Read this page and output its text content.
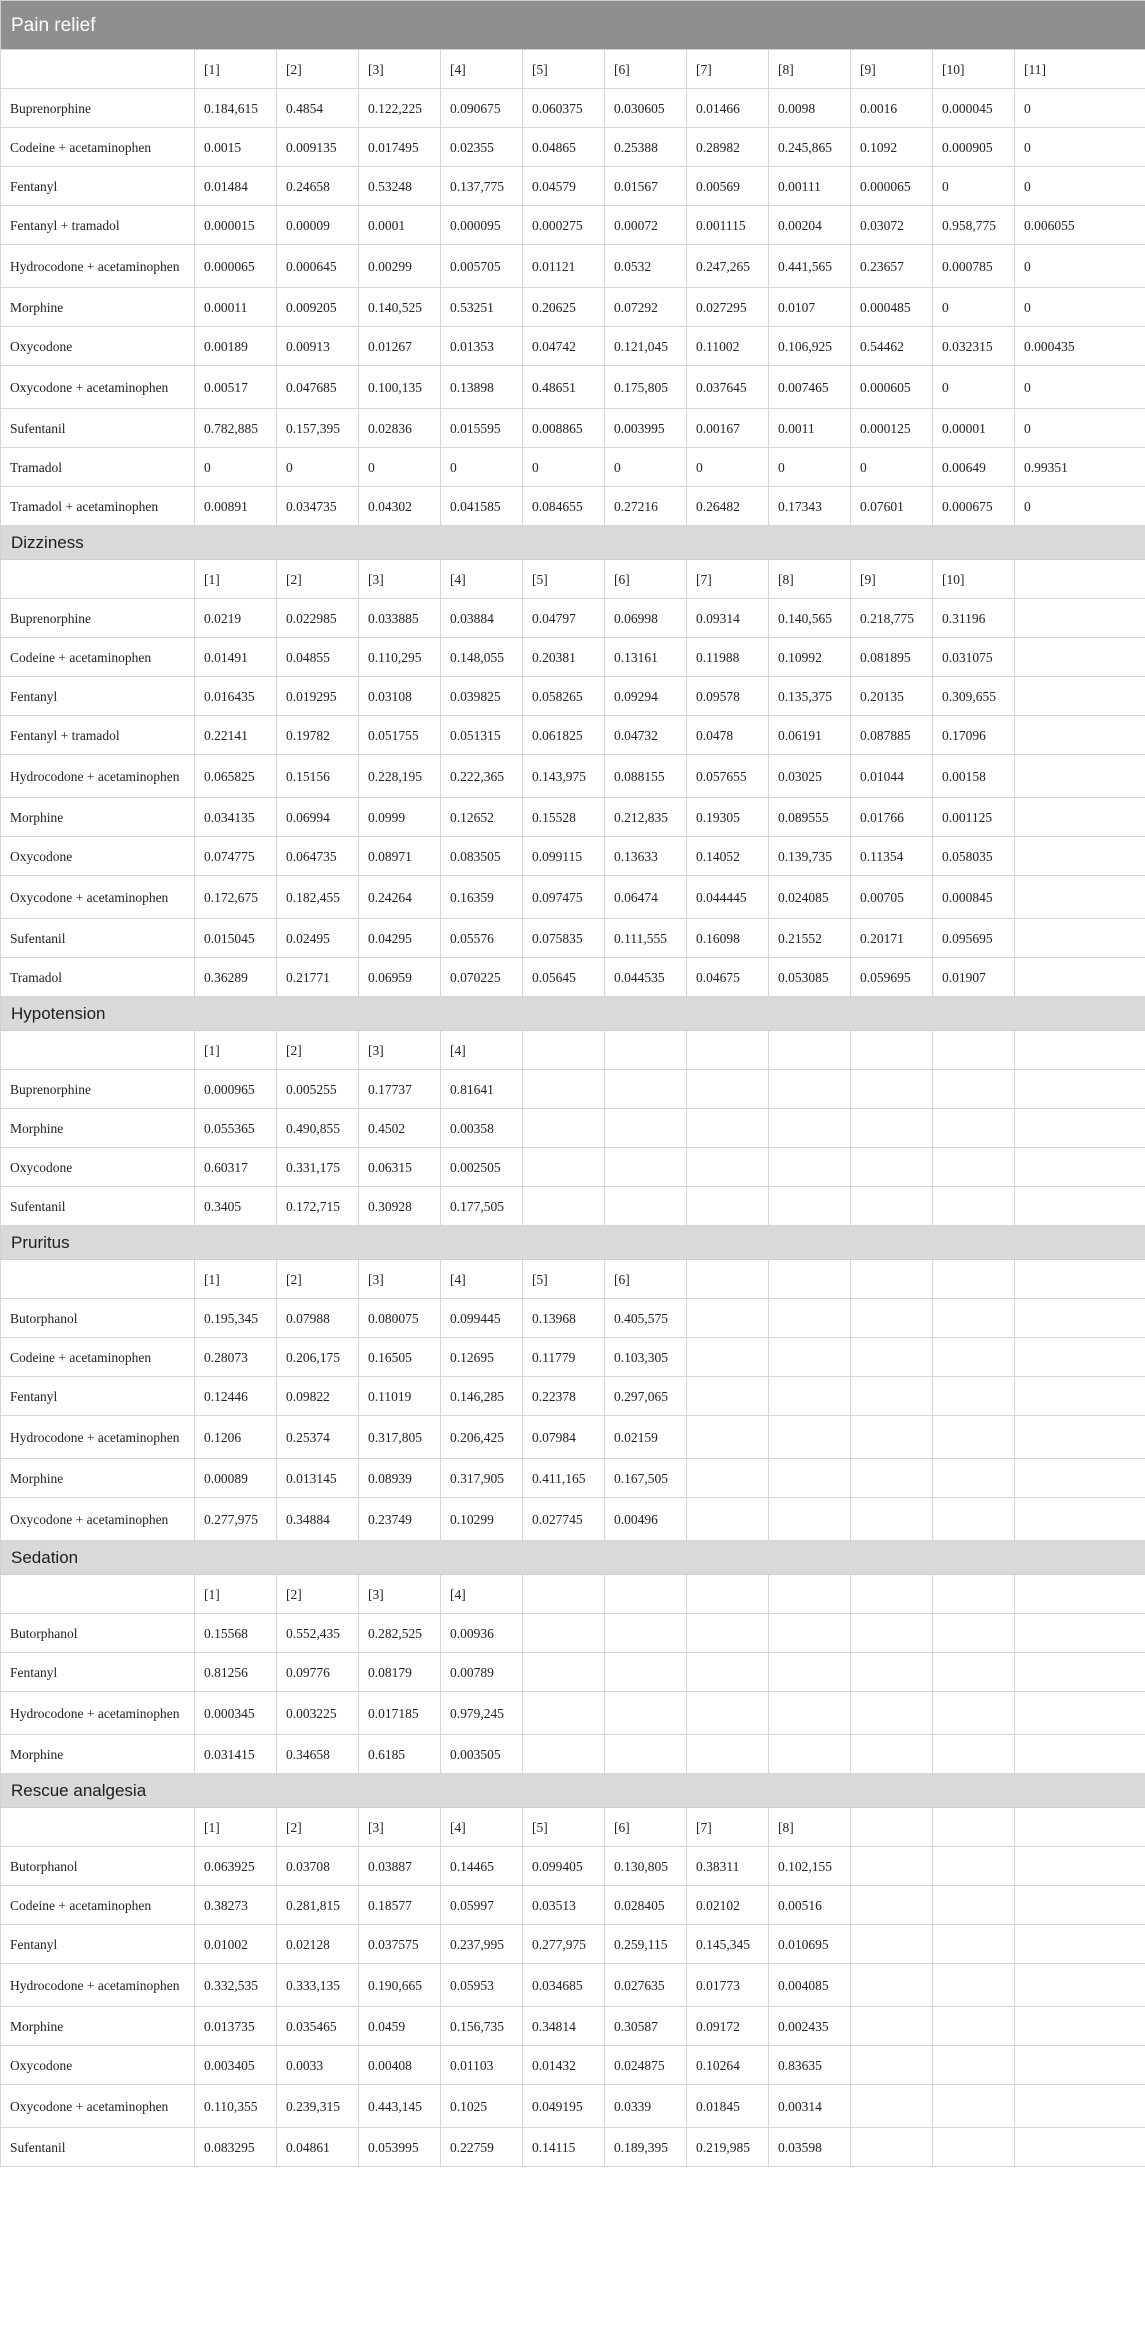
Pain relief											
	[1]	[2]	[3]	[4]	[5]	[6]	[7]	[8]	[9]	[10]	[11]
Buprenorphine	0.184,615	0.4854	0.122,225	0.090675	0.060375	0.030605	0.01466	0.0098	0.0016	0.000045	0
Codeine + acetaminophen	0.0015	0.009135	0.017495	0.02355	0.04865	0.25388	0.28982	0.245,865	0.1092	0.000905	0
Fentanyl	0.01484	0.24658	0.53248	0.137,775	0.04579	0.01567	0.00569	0.00111	0.000065	0	0
Fentanyl + tramadol	0.000015	0.00009	0.0001	0.000095	0.000275	0.00072	0.001115	0.00204	0.03072	0.958,775	0.006055
Hydrocodone + acetaminophen	0.000065	0.000645	0.00299	0.005705	0.01121	0.0532	0.247,265	0.441,565	0.23657	0.000785	0
Morphine	0.00011	0.009205	0.140,525	0.53251	0.20625	0.07292	0.027295	0.0107	0.000485	0	0
Oxycodone	0.00189	0.00913	0.01267	0.01353	0.04742	0.121,045	0.11002	0.106,925	0.54462	0.032315	0.000435
Oxycodone + acetaminophen	0.00517	0.047685	0.100,135	0.13898	0.48651	0.175,805	0.037645	0.007465	0.000605	0	0
Sufentanil	0.782,885	0.157,395	0.02836	0.015595	0.008865	0.003995	0.00167	0.0011	0.000125	0.00001	0
Tramadol	0	0	0	0	0	0	0	0	0	0.00649	0.99351
Tramadol + acetaminophen	0.00891	0.034735	0.04302	0.041585	0.084655	0.27216	0.26482	0.17343	0.07601	0.000675	0
Dizziness											
	[1]	[2]	[3]	[4]	[5]	[6]	[7]	[8]	[9]	[10]	
Buprenorphine	0.0219	0.022985	0.033885	0.03884	0.04797	0.06998	0.09314	0.140,565	0.218,775	0.31196	
Codeine + acetaminophen	0.01491	0.04855	0.110,295	0.148,055	0.20381	0.13161	0.11988	0.10992	0.081895	0.031075	
Fentanyl	0.016435	0.019295	0.03108	0.039825	0.058265	0.09294	0.09578	0.135,375	0.20135	0.309,655	
Fentanyl + tramadol	0.22141	0.19782	0.051755	0.051315	0.061825	0.04732	0.0478	0.06191	0.087885	0.17096	
Hydrocodone + acetaminophen	0.065825	0.15156	0.228,195	0.222,365	0.143,975	0.088155	0.057655	0.03025	0.01044	0.00158	
Morphine	0.034135	0.06994	0.0999	0.12652	0.15528	0.212,835	0.19305	0.089555	0.01766	0.001125	
Oxycodone	0.074775	0.064735	0.08971	0.083505	0.099115	0.13633	0.14052	0.139,735	0.11354	0.058035	
Oxycodone + acetaminophen	0.172,675	0.182,455	0.24264	0.16359	0.097475	0.06474	0.044445	0.024085	0.00705	0.000845	
Sufentanil	0.015045	0.02495	0.04295	0.05576	0.075835	0.111,555	0.16098	0.21552	0.20171	0.095695	
Tramadol	0.36289	0.21771	0.06959	0.070225	0.05645	0.044535	0.04675	0.053085	0.059695	0.01907	
Hypotension											
	[1]	[2]	[3]	[4]							
Buprenorphine	0.000965	0.005255	0.17737	0.81641							
Morphine	0.055365	0.490,855	0.4502	0.00358							
Oxycodone	0.60317	0.331,175	0.06315	0.002505							
Sufentanil	0.3405	0.172,715	0.30928	0.177,505							
Pruritus											
	[1]	[2]	[3]	[4]	[5]	[6]					
Butorphanol	0.195,345	0.07988	0.080075	0.099445	0.13968	0.405,575					
Codeine + acetaminophen	0.28073	0.206,175	0.16505	0.12695	0.11779	0.103,305					
Fentanyl	0.12446	0.09822	0.11019	0.146,285	0.22378	0.297,065					
Hydrocodone + acetaminophen	0.1206	0.25374	0.317,805	0.206,425	0.07984	0.02159					
Morphine	0.00089	0.013145	0.08939	0.317,905	0.411,165	0.167,505					
Oxycodone + acetaminophen	0.277,975	0.34884	0.23749	0.10299	0.027745	0.00496					
Sedation											
	[1]	[2]	[3]	[4]							
Butorphanol	0.15568	0.552,435	0.282,525	0.00936							
Fentanyl	0.81256	0.09776	0.08179	0.00789							
Hydrocodone + acetaminophen	0.000345	0.003225	0.017185	0.979,245							
Morphine	0.031415	0.34658	0.6185	0.003505							
Rescue analgesia											
	[1]	[2]	[3]	[4]	[5]	[6]	[7]	[8]			
Butorphanol	0.063925	0.03708	0.03887	0.14465	0.099405	0.130,805	0.38311	0.102,155			
Codeine + acetaminophen	0.38273	0.281,815	0.18577	0.05997	0.03513	0.028405	0.02102	0.00516			
Fentanyl	0.01002	0.02128	0.037575	0.237,995	0.277,975	0.259,115	0.145,345	0.010695			
Hydrocodone + acetaminophen	0.332,535	0.333,135	0.190,665	0.05953	0.034685	0.027635	0.01773	0.004085			
Morphine	0.013735	0.035465	0.0459	0.156,735	0.34814	0.30587	0.09172	0.002435			
Oxycodone	0.003405	0.0033	0.00408	0.01103	0.01432	0.024875	0.10264	0.83635			
Oxycodone + acetaminophen	0.110,355	0.239,315	0.443,145	0.1025	0.049195	0.0339	0.01845	0.00314			
Sufentanil	0.083295	0.04861	0.053995	0.22759	0.14115	0.189,395	0.219,985	0.03598			
